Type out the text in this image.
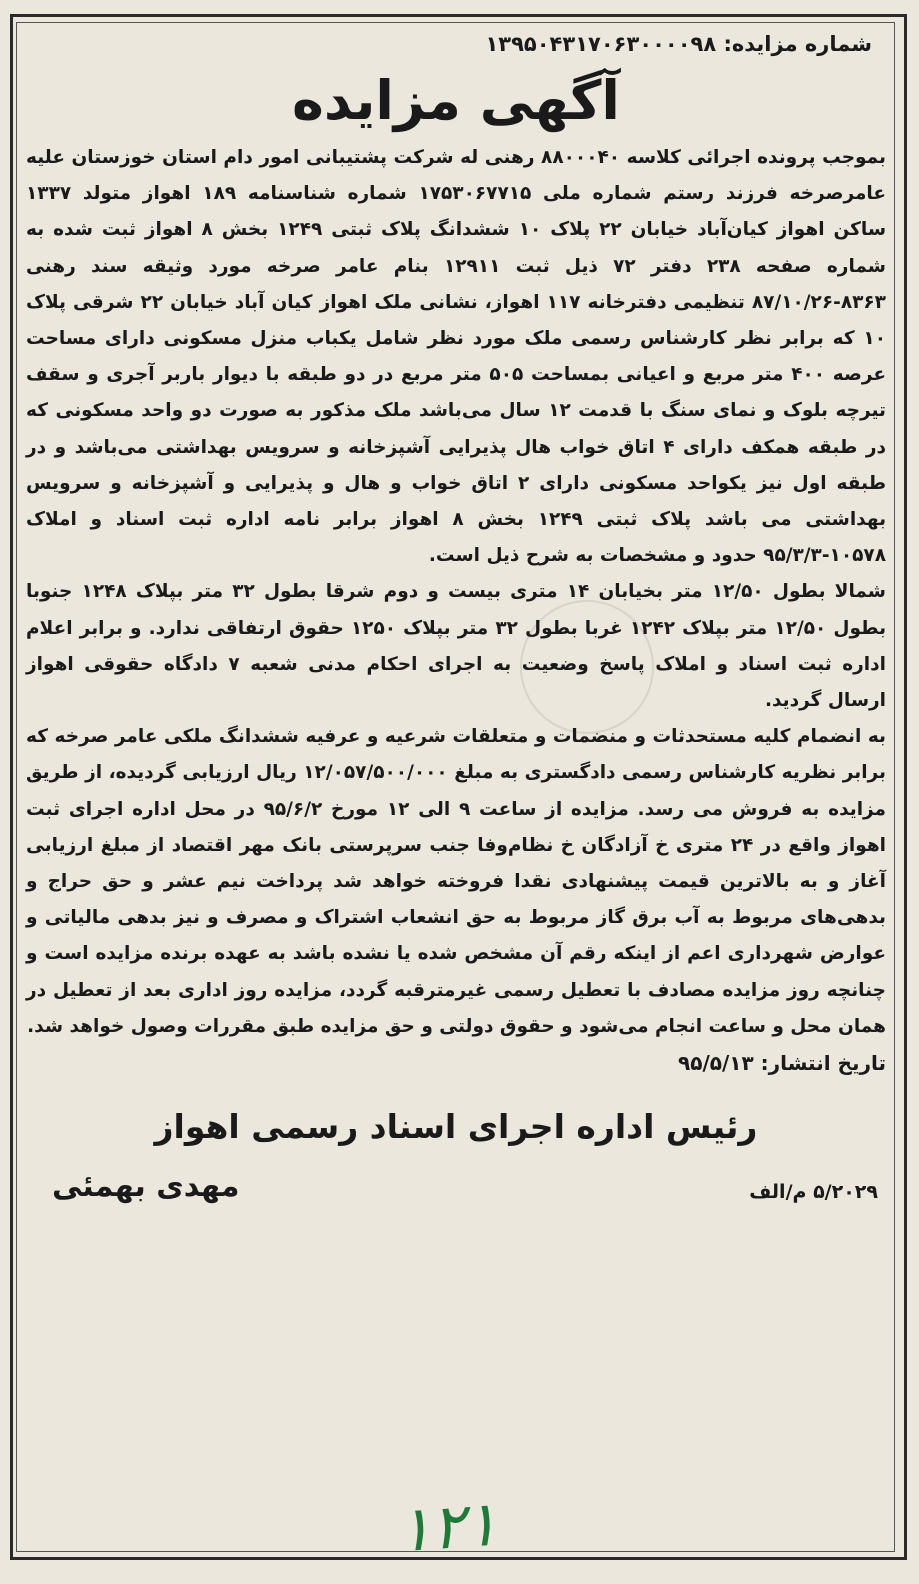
شماره مزایده: ۱۳۹۵۰۴۳۱۷۰۶۳۰۰۰۰۹۸

آگهی مزایده

بموجب پرونده اجرائی کلاسه ۸۸۰۰۰۴۰ رهنی له شرکت پشتیبانی امور دام استان خوزستان علیه عامرصرخه فرزند رستم شماره ملی ۱۷۵۳۰۶۷۷۱۵ شماره شناسنامه ۱۸۹ اهواز متولد ۱۳۳۷ ساکن اهواز کیان‌آباد خیابان ۲۲ پلاک ۱۰ ششدانگ پلاک ثبتی ۱۲۴۹ بخش ۸ اهواز ثبت شده به شماره صفحه ۲۳۸ دفتر ۷۲ ذیل ثبت ۱۲۹۱۱ بنام عامر صرخه مورد وثیقه سند رهنی ۸۳۶۳-۸۷/۱۰/۲۶ تنظیمی دفترخانه ۱۱۷ اهواز، نشانی ملک اهواز کیان آباد خیابان ۲۲ شرقی پلاک ۱۰ که برابر نظر کارشناس رسمی ملک مورد نظر شامل یکباب منزل مسکونی دارای مساحت عرصه ۴۰۰ متر مربع و اعیانی بمساحت ۵۰۵ متر مربع در دو طبقه با دیوار باربر آجری و سقف تیرچه بلوک و نمای سنگ با قدمت ۱۲ سال می‌باشد ملک مذکور به صورت دو واحد مسکونی که در طبقه همکف دارای ۴ اتاق خواب هال پذیرایی آشپزخانه و سرویس بهداشتی می‌باشد و در طبقه اول نیز یکواحد مسکونی دارای ۲ اتاق خواب و هال و پذیرایی و آشپزخانه و سرویس بهداشتی می باشد پلاک ثبتی ۱۲۴۹ بخش ۸ اهواز برابر نامه اداره ثبت اسناد و املاک ۱۰۵۷۸-۹۵/۳/۳ حدود و مشخصات به شرح ذیل است.

شمالا بطول ۱۲/۵۰ متر بخیابان ۱۴ متری بیست و دوم شرقا بطول ۳۲ متر بپلاک ۱۲۴۸ جنوبا بطول ۱۲/۵۰ متر بپلاک ۱۲۴۲ غربا بطول ۳۲ متر بپلاک ۱۲۵۰ حقوق ارتفاقی ندارد. و برابر اعلام اداره ثبت اسناد و املاک پاسخ وضعیت به اجرای احکام مدنی شعبه ۷ دادگاه حقوقی اهواز ارسال گردید.

به انضمام کلیه مستحدثات و منضمات و متعلقات شرعیه و عرفیه ششدانگ ملکی عامر صرخه که برابر نظریه کارشناس رسمی دادگستری به مبلغ ۱۲/۰۵۷/۵۰۰/۰۰۰ ریال ارزیابی گردیده، از طریق مزایده به فروش می رسد. مزایده از ساعت ۹ الی ۱۲ مورخ ۹۵/۶/۲ در محل اداره اجرای ثبت اهواز واقع در ۲۴ متری خ آزادگان خ نظام‌وفا جنب سرپرستی بانک مهر اقتصاد از مبلغ ارزیابی آغاز و به بالاترین قیمت پیشنهادی نقدا فروخته خواهد شد پرداخت نیم عشر و حق حراج و بدهی‌های مربوط به آب برق گاز مربوط به حق انشعاب اشتراک و مصرف و نیز بدهی مالیاتی و عوارض شهرداری اعم از اینکه رقم آن مشخص شده یا نشده باشد به عهده برنده مزایده است و چنانچه روز مزایده مصادف با تعطیل رسمی غیرمترقبه گردد، مزایده روز اداری بعد از تعطیل در همان محل و ساعت انجام می‌شود و حقوق دولتی و حق مزایده طبق مقررات وصول خواهد شد.

تاریخ انتشار: ۹۵/۵/۱۳

رئیس اداره اجرای اسناد رسمی اهواز
۵/۲۰۲۹ م/الف
مهدی بهمئی
۱۲۱
